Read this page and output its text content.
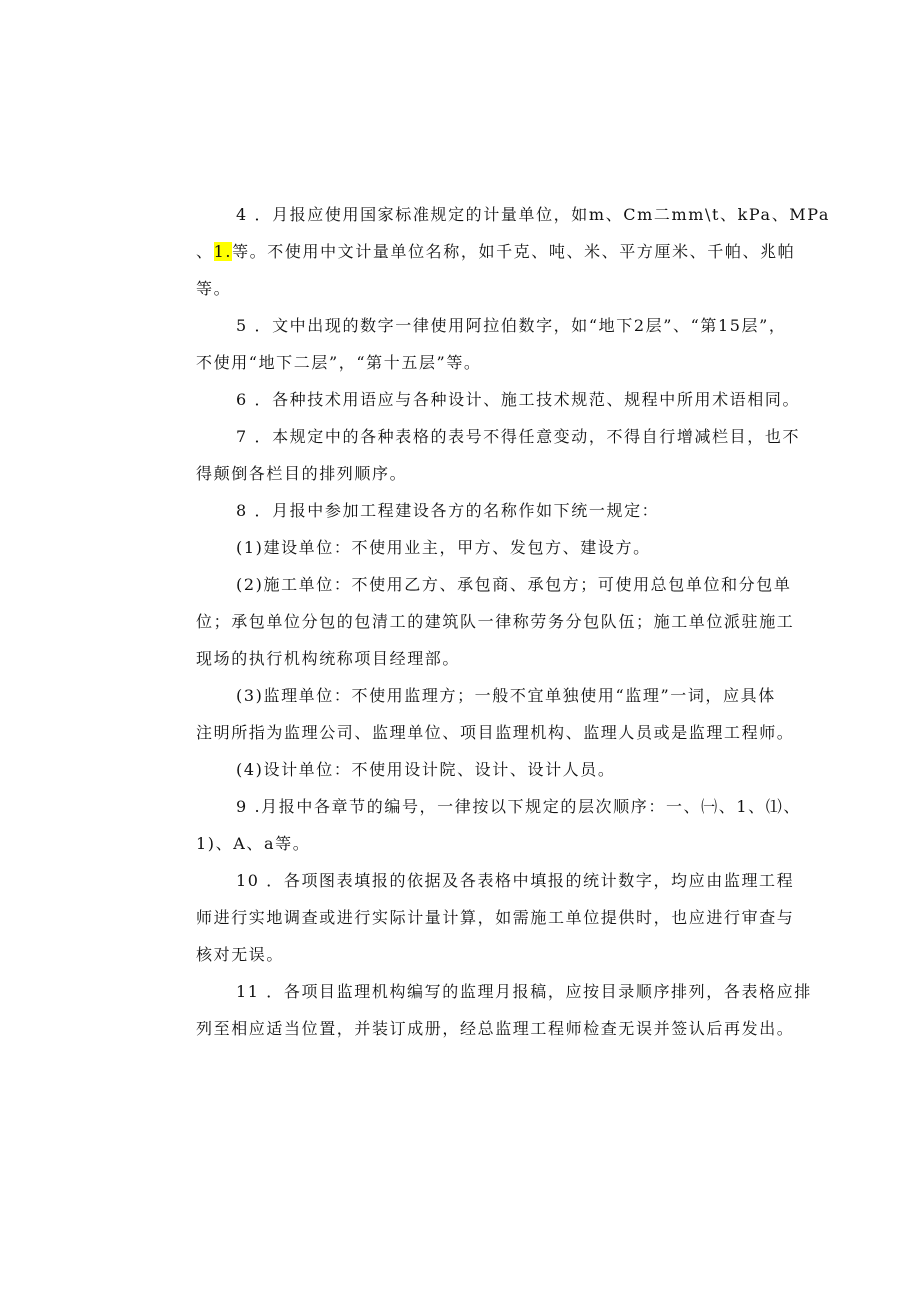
4 ．月报应使用国家标准规定的计量单位，如m、Cm二mm\t、kPa、MPa
、1.等。不使用中文计量单位名称，如千克、吨、米、平方厘米、千帕、兆帕
等。
5 ．文中出现的数字一律使用阿拉伯数字，如“地下2层”、“第15层”，
不使用“地下二层”，“第十五层”等。
6 ．各种技术用语应与各种设计、施工技术规范、规程中所用术语相同。
7 ．本规定中的各种表格的表号不得任意变动，不得自行增减栏目，也不
得颠倒各栏目的排列顺序。
8 ．月报中参加工程建设各方的名称作如下统一规定：
(1)建设单位：不使用业主，甲方、发包方、建设方。
(2)施工单位：不使用乙方、承包商、承包方；可使用总包单位和分包单
位；承包单位分包的包清工的建筑队一律称劳务分包队伍；施工单位派驻施工
现场的执行机构统称项目经理部。
(3)监理单位：不使用监理方；一般不宜单独使用“监理”一词，应具体
注明所指为监理公司、监理单位、项目监理机构、监理人员或是监理工程师。
(4)设计单位：不使用设计院、设计、设计人员。
9 .月报中各章节的编号，一律按以下规定的层次顺序：一、㈠、1、⑴、
1)、A、a等。
10 ．各项图表填报的依据及各表格中填报的统计数字，均应由监理工程
师进行实地调查或进行实际计量计算，如需施工单位提供时，也应进行审查与
核对无误。
11 ．各项目监理机构编写的监理月报稿，应按目录顺序排列，各表格应排
列至相应适当位置，并装订成册，经总监理工程师检查无误并签认后再发出。
